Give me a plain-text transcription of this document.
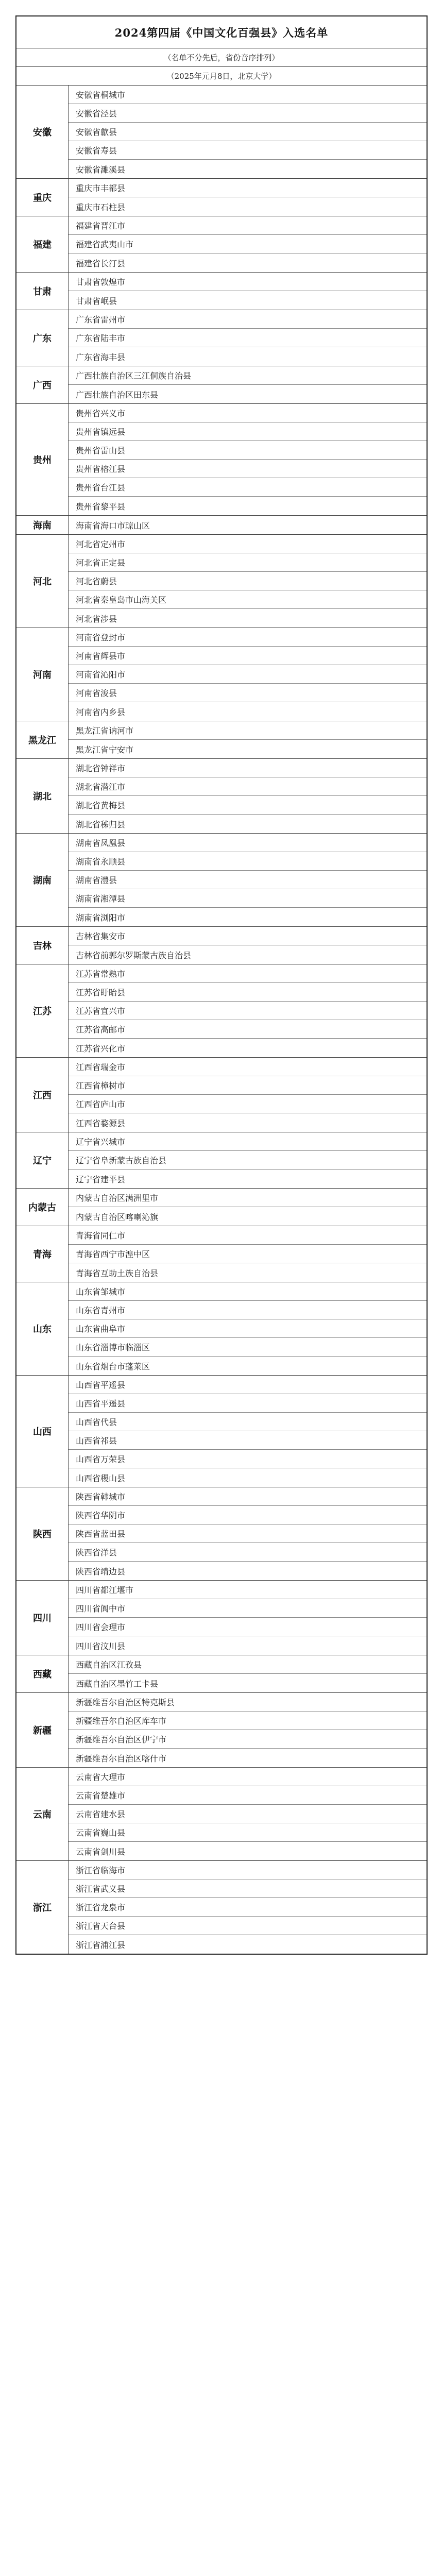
2024第四届《中国文化百强县》入选名单
（名单不分先后，省份音序排列）
（2025年元月8日，北京大学）
安徽
安徽省桐城市
安徽省泾县
安徽省歙县
安徽省寿县
安徽省濉溪县
重庆
重庆市丰都县
重庆市石柱县
福建
福建省晋江市
福建省武夷山市
福建省长汀县
甘肃
甘肃省敦煌市
甘肃省岷县
广东
广东省雷州市
广东省陆丰市
广东省海丰县
广西
广西壮族自治区三江侗族自治县
广西壮族自治区田东县
贵州
贵州省兴义市
贵州省镇远县
贵州省雷山县
贵州省榕江县
贵州省台江县
贵州省黎平县
海南	海南省海口市琼山区
河北
河北省定州市
河北省正定县
河北省蔚县
河北省秦皇岛市山海关区
河北省涉县
河南
河南省登封市
河南省辉县市
河南省沁阳市
河南省浚县
河南省内乡县
黑龙江
黑龙江省讷河市
黑龙江省宁安市
湖北
湖北省钟祥市
湖北省潜江市
湖北省黄梅县
湖北省秭归县
湖南
湖南省凤凰县
湖南省永顺县
湖南省澧县
湖南省湘潭县
湖南省浏阳市
吉林
吉林省集安市
吉林省前郭尔罗斯蒙古族自治县
江苏
江苏省常熟市
江苏省盱眙县
江苏省宜兴市
江苏省高邮市
江苏省兴化市
江西
江西省瑞金市
江西省樟树市
江西省庐山市
江西省婺源县
辽宁
辽宁省兴城市
辽宁省阜新蒙古族自治县
辽宁省建平县
内蒙古
内蒙古自治区满洲里市
内蒙古自治区喀喇沁旗
青海
青海省同仁市
青海省西宁市湟中区
青海省互助土族自治县
山东
山东省邹城市
山东省青州市
山东省曲阜市
山东省淄博市临淄区
山东省烟台市蓬莱区
山西
山西省平遥县
山西省平遥县
山西省代县
山西省祁县
山西省万荣县
山西省稷山县
陕西
陕西省韩城市
陕西省华阴市
陕西省蓝田县
陕西省洋县
陕西省靖边县
四川
四川省都江堰市
四川省阆中市
四川省会理市
四川省汶川县
西藏
西藏自治区江孜县
西藏自治区墨竹工卡县
新疆
新疆维吾尔自治区特克斯县
新疆维吾尔自治区库车市
新疆维吾尔自治区伊宁市
新疆维吾尔自治区喀什市
云南
云南省大理市
云南省楚雄市
云南省建水县
云南省巍山县
云南省剑川县
浙江
浙江省临海市
浙江省武义县
浙江省龙泉市
浙江省天台县
浙江省浦江县
